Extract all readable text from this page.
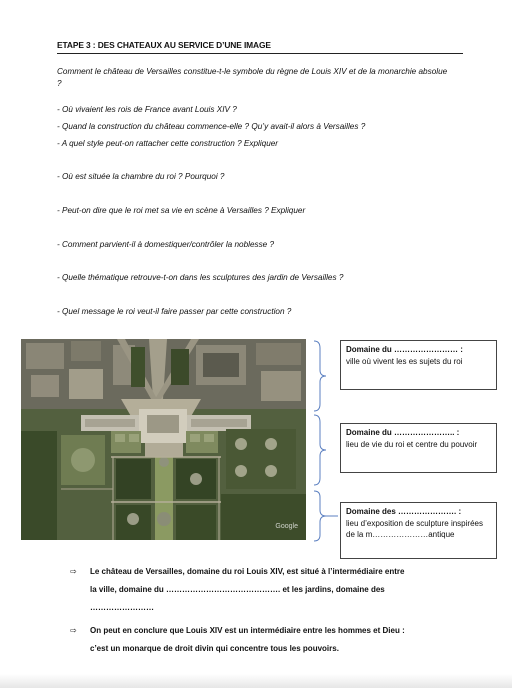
ETAPE 3 : DES CHATEAUX AU SERVICE D’UNE IMAGE
Comment le château de Versailles constitue-t-le symbole du règne de Louis XIV et de la monarchie absolue ?
- Où vivaient les rois de France avant Louis XIV ?
- Quand la construction du château commence-elle ? Qu’y avait-il alors à Versailles ?
- A quel style peut-on rattacher cette construction ? Expliquer
- Où est située la chambre du roi ? Pourquoi ?
- Peut-on dire que le roi met sa vie en scène à Versailles ? Expliquer
- Comment parvient-il à domestiquer/contrôler la noblesse ?
- Quelle thématique retrouve-t-on dans les sculptures des jardin de Versailles ?
- Quel message le roi veut-il faire passer par cette construction ?
Google
Domaine du …………………… :
ville où vivent les es sujets du roi
Domaine du ………………….. :
lieu de vie du roi et centre du pouvoir
Domaine des …………………. :
lieu d’exposition de sculpture inspirées de la m…………………antique
⇨ Le château de Versailles, domaine du roi Louis XIV, est situé à l’intermédiaire entre
la ville, domaine du ……………………………………. et les jardins, domaine des
……………………
⇨ On peut en conclure que Louis XIV est un intermédiaire entre les hommes et Dieu :
c’est un monarque de droit divin qui concentre tous les pouvoirs.
